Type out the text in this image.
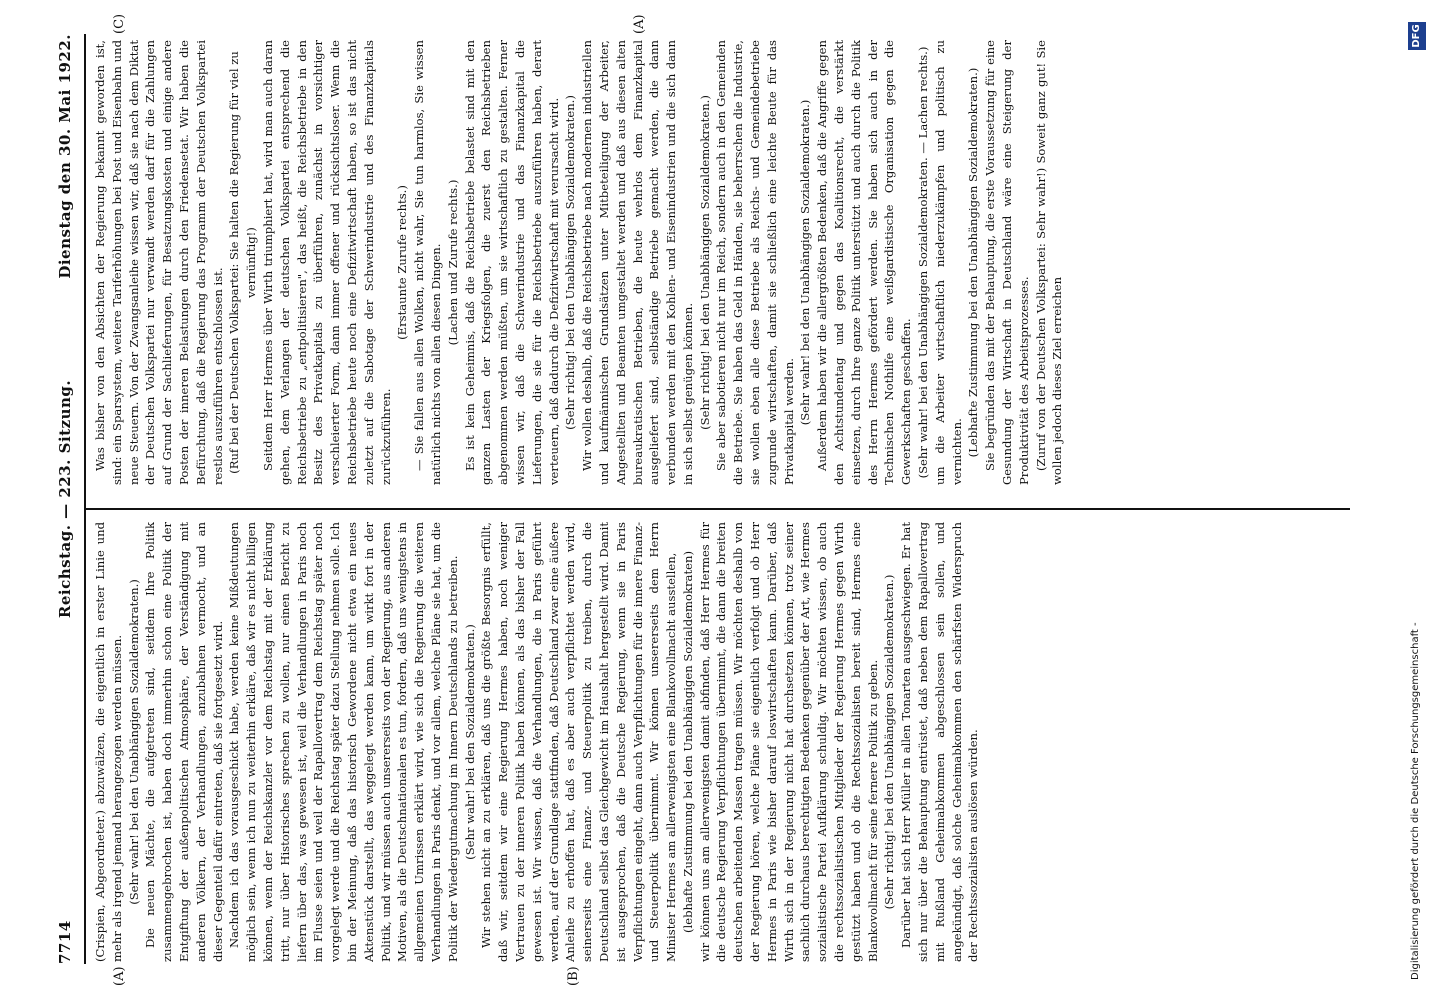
7714
Reichstag. — 223. Sitzung.
Dienstag den 30. Mai 1922.
(A)	(B)
(C)	(A)

(Crispien, Abgeordneter.) abzuwälzen, die eigentlich in erster Linie und mehr als irgend jemand herangezogen werden müssen. (Sehr wahr! bei den Unabhängigen Sozialdemokraten.) Die neuen Mächte, die aufgetreten sind, seitdem Ihre Politik zusammengebrochen ist, haben doch immerhin schon eine Politik der Entgiftung der außenpolitischen Atmosphäre, der Verständigung mit anderen Völkern, der Verhandlungen, anzubahnen vermocht, und an dieser Gegenteil dafür eintreten, daß sie fortgesetzt wird. Nachdem ich das vorausgeschickt habe, werden keine Mißdeutungen möglich sein, wenn ich nun zu weiterhin erkläre, daß wir es nicht billigen können, wenn der Reichskanzler vor dem Reichstag mit der Erklärung tritt, nur über Historisches sprechen zu wollen, nur einen Bericht zu liefern über das, was gewesen ist, weil die Verhandlungen in Paris noch im Flusse seien und weil der Rapallovertrag dem Reichstag später noch vorgelegt werde und die Reichstag später dazu Stellung nehmen solle. Ich bin der Meinung, daß das historisch Gewordene nicht etwa ein neues Aktenstück darstellt, das weggelegt werden kann, um wirkt fort in der Politik, und wir müssen auch unsererseits von der Regierung, aus anderen Motiven, als die Deutschnationalen es tun, fordern, daß uns wenigstens in allgemeinen Umrissen erklärt wird, wie sich die Regierung die weiteren Verhandlungen in Paris denkt, und vor allem, welche Pläne sie hat, um die Politik der Wiedergutmachung im Innern Deutschlands zu betreiben. (Sehr wahr! bei den Sozialdemokraten.) Wir stehen nicht an zu erklären, daß uns die größte Besorgnis erfüllt, daß wir, seitdem wir eine Regierung Hermes haben, noch weniger Vertrauen zu der inneren Politik haben können, als das bisher der Fall gewesen ist. Wir wissen, daß die Verhandlungen, die in Paris geführt werden, auf der Grundlage stattfinden, daß Deutschland zwar eine äußere Anleihe zu erhoffen hat, daß es aber auch verpflichtet werden wird, seinerseits eine Finanz- und Steuerpolitik zu treiben, durch die Deutschland selbst das Gleichgewicht im Haushalt hergestellt wird. Damit ist ausgesprochen, daß die Deutsche Regierung, wenn sie in Paris Verpflichtungen eingeht, dann auch Verpflichtungen für die innere Finanz- und Steuerpolitik übernimmt. Wir können unsererseits dem Herrn Minister Hermes am allerwenigsten eine Blankovollmacht ausstellen, (lebhafte Zustimmung bei den Unabhängigen Sozialdemokraten) wir können uns am allerwenigsten damit abfinden, daß Herr Hermes für die deutsche Regierung Verpflichtungen übernimmt, die dann die breiten deutschen arbeitenden Massen tragen müssen. Wir möchten deshalb von der Regierung hören, welche Pläne sie eigentlich verfolgt und ob Herr Hermes in Paris wie bisher darauf loswirtschaften kann. Darüber, daß Wirth sich in der Regierung nicht hat durchsetzen können, trotz seiner sachlich durchaus berechtigten Bedenken gegenüber der Art, wie Hermes sozialistische Partei Aufklärung schuldig. Wir möchten wissen, ob auch die rechtssozialistischen Mitglieder der Regierung Hermes gegen Wirth gestützt haben und ob die Rechtssozialisten bereit sind, Hermes eine Blankovollmacht für seine fernere Politik zu geben. (Sehr richtig! bei den Unabhängigen Sozialdemokraten.) Darüber hat sich Herr Müller in allen Tonarten ausgeschwiegen. Er hat sich nur über die Behauptung entrüstet, daß neben dem Rapallovertrag mit Rußland Geheimabkommen abgeschlossen sein sollen, und angekündigt, daß solche Geheimabkommen den schärfsten Widerspruch der Rechtssozialisten auslösen würden.

Was bisher von den Absichten der Regierung bekannt geworden ist, sind: ein Sparsystem, weitere Tariferhöhungen bei Post und Eisenbahn und neue Steuern. Von der Zwangsanleihe wissen wir, daß sie nach dem Diktat der Deutschen Volkspartei nur verwandt werden darf für die Zahlungen auf Grund der Sachlieferungen, für Besatzungskosten und einige andere Posten der inneren Belastungen durch den Friedensetat. Wir haben die Befürchtung, daß die Regierung das Programm der Deutschen Volkspartei restlos auszuführen entschlossen ist. (Ruf bei der Deutschen Volkspartei: Sie halten die Regierung für viel zu vernünftig!) Seitdem Herr Hermes über Wirth triumphiert hat, wird man auch daran gehen, dem Verlangen der deutschen Volkspartei entsprechend die Reichsbetriebe zu „entpolitisieren", das heißt, die Reichsbetriebe in den Besitz des Privatkapitals zu überführen, zunächst in vorsichtiger verschleierter Form, dann immer offener und rücksichtsloser. Wenn die Reichsbetriebe heute noch eine Defizitwirtschaft haben, so ist das nicht zuletzt auf die Sabotage der Schwerindustrie und des Finanzkapitals zurückzuführen.

(Erstaunte Zurufe rechts.) — Sie fallen aus allen Wolken, nicht wahr, Sie tun harmlos, Sie wissen natürlich nichts von allen diesen Dingen. (Lachen und Zurufe rechts.) Es ist kein Geheimnis, daß die Reichsbetriebe belastet sind mit den ganzen Lasten der Kriegsfolgen, die zuerst den Reichsbetrieben abgenommen werden müßten, um sie wirtschaftlich zu gestalten. Ferner wissen wir, daß die Schwerindustrie und das Finanzkapital die Lieferungen, die sie für die Reichsbetriebe auszuführen haben, derart verteuern, daß dadurch die Defizitwirtschaft mit verursacht wird. (Sehr richtig! bei den Unabhängigen Sozialdemokraten.) Wir wollen deshalb, daß die Reichsbetriebe nach modernen industriellen und kaufmännischen Grundsätzen unter Mitbeteiligung der Arbeiter, Angestellten und Beamten umgestaltet werden und daß aus diesen alten bureaukratischen Betrieben, die heute wehrlos dem Finanzkapital ausgeliefert sind, selbständige Betriebe gemacht werden, die dann verbunden werden mit den Kohlen- und Eisenindustrien und die sich dann in sich selbst genügen können. (Sehr richtig! bei den Unabhängigen Sozialdemokraten.) Sie aber sabotieren nicht nur im Reich, sondern auch in den Gemeinden die Betriebe. Sie haben das Geld in Händen, sie beherrschen die Industrie, sie wollen eben alle diese Betriebe als Reichs- und Gemeindebetriebe zugrunde wirtschaften, damit sie schließlich eine leichte Beute für das Privatkapital werden. (Sehr wahr! bei den Unabhängigen Sozialdemokraten.) Außerdem haben wir die allergrößten Bedenken, daß die Angriffe gegen den Achtstundentag und gegen das Koalitionsrecht, die verstärkt einsetzen, durch Ihre ganze Politik unterstützt und auch durch die Politik des Herrn Hermes gefördert werden. Sie haben sich auch in der Technischen Nothilfe eine weißgardistische Organisation gegen die Gewerkschaften geschaffen. (Sehr wahr! bei den Unabhängigen Sozialdemokraten. — Lachen rechts.) um die Arbeiter wirtschaftlich niederzukämpfen und politisch zu vernichten. (Lebhafte Zustimmung bei den Unabhängigen Sozialdemokraten.) Sie begründen das mit der Behauptung, die erste Voraussetzung für eine Gesundung der Wirtschaft in Deutschland wäre eine Steigerung der Produktivität des Arbeitsprozesses. (Zuruf von der Deutschen Volkspartei: Sehr wahr!) Soweit ganz gut! Sie wollen jedoch dieses Ziel erreichen

Digitalisierung gefördert durch die Deutsche Forschungsgemeinschaft -
DFG
